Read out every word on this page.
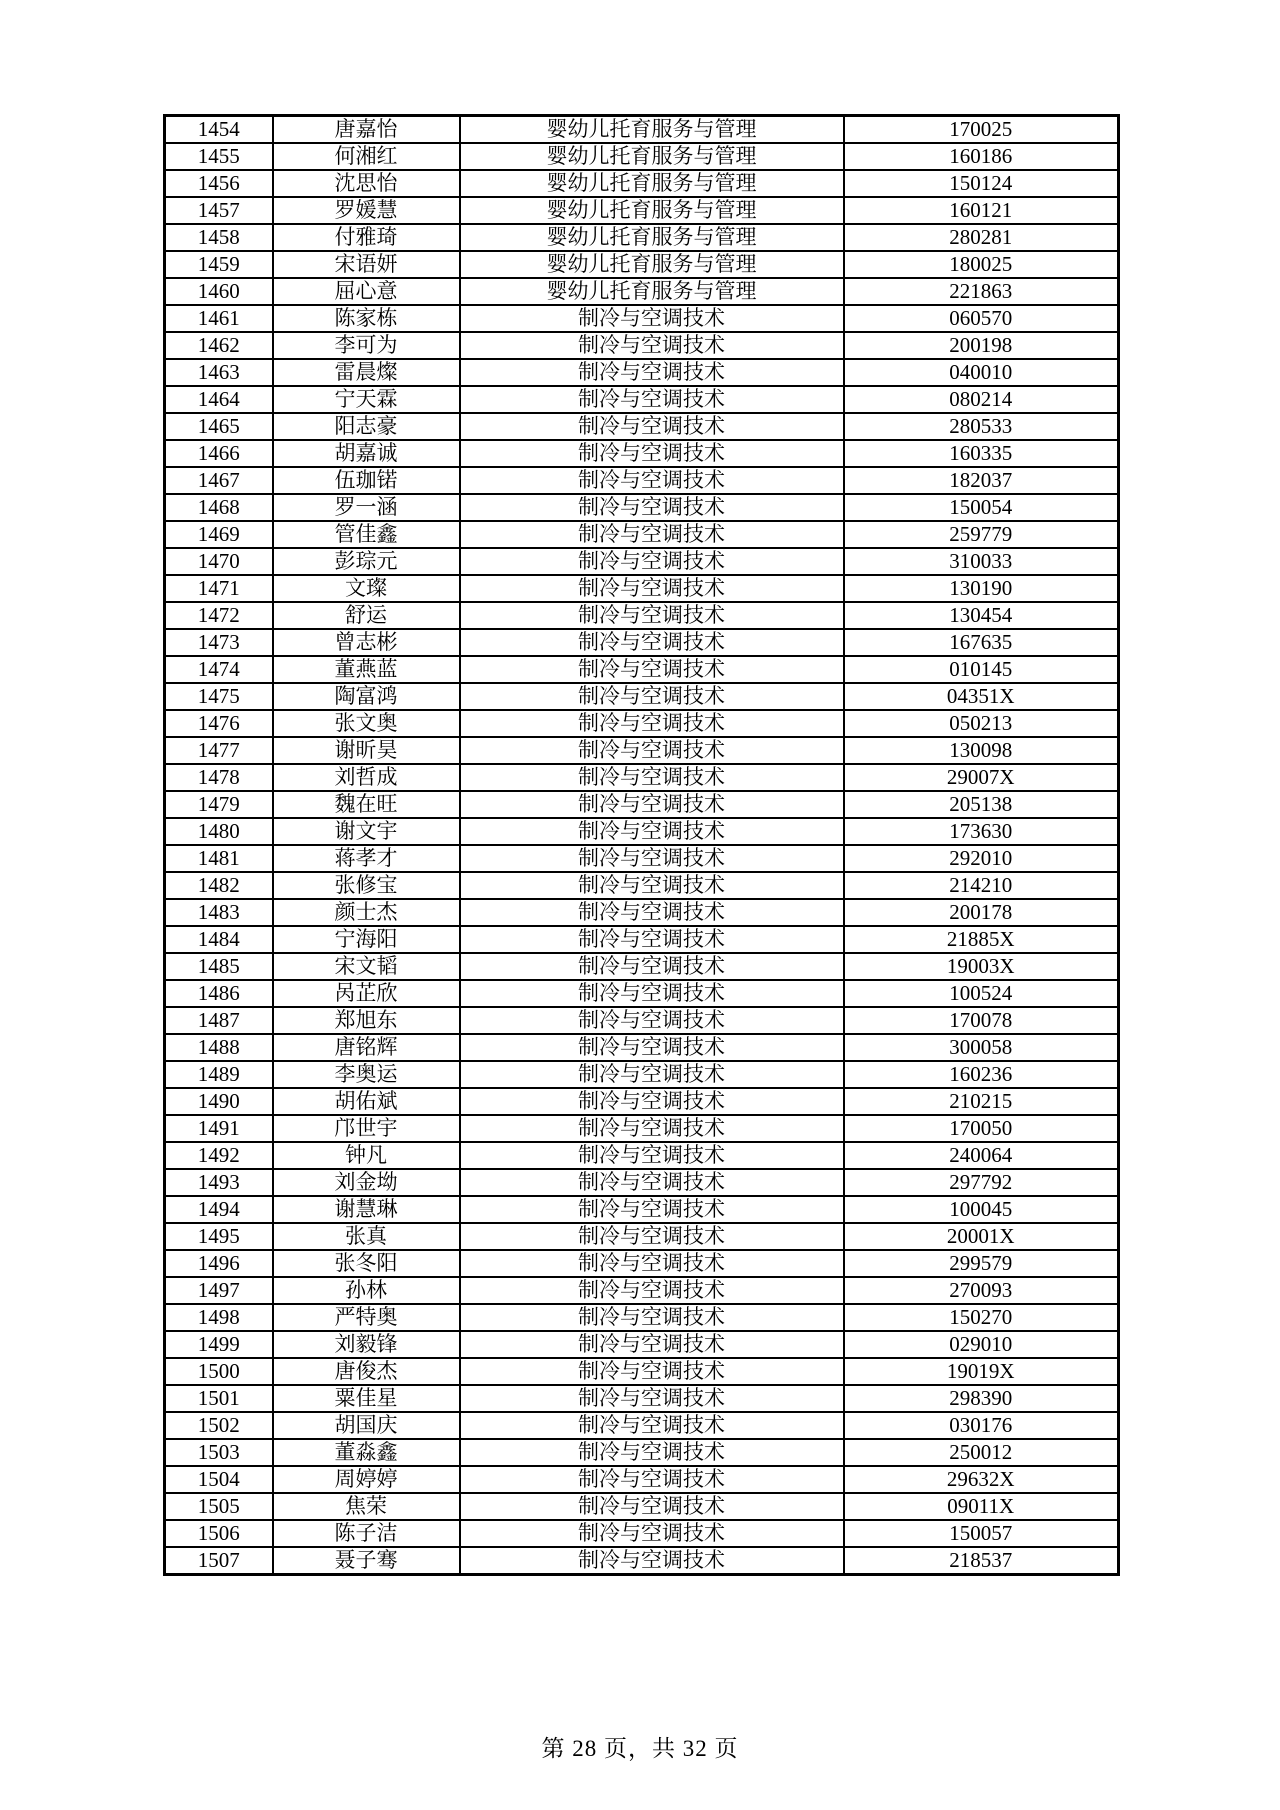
1454	唐嘉怡	婴幼儿托育服务与管理	170025
1455	何湘红	婴幼儿托育服务与管理	160186
1456	沈思怡	婴幼儿托育服务与管理	150124
1457	罗媛慧	婴幼儿托育服务与管理	160121
1458	付雅琦	婴幼儿托育服务与管理	280281
1459	宋语妍	婴幼儿托育服务与管理	180025
1460	屈心意	婴幼儿托育服务与管理	221863
1461	陈家栋	制冷与空调技术	060570
1462	李可为	制冷与空调技术	200198
1463	雷晨燦	制冷与空调技术	040010
1464	宁天霖	制冷与空调技术	080214
1465	阳志豪	制冷与空调技术	280533
1466	胡嘉诚	制冷与空调技术	160335
1467	伍珈锘	制冷与空调技术	182037
1468	罗一涵	制冷与空调技术	150054
1469	管佳鑫	制冷与空调技术	259779
1470	彭琮元	制冷与空调技术	310033
1471	文璨	制冷与空调技术	130190
1472	舒运	制冷与空调技术	130454
1473	曾志彬	制冷与空调技术	167635
1474	董燕蓝	制冷与空调技术	010145
1475	陶富鸿	制冷与空调技术	04351X
1476	张文奥	制冷与空调技术	050213
1477	谢昕昊	制冷与空调技术	130098
1478	刘哲成	制冷与空调技术	29007X
1479	魏在旺	制冷与空调技术	205138
1480	谢文宇	制冷与空调技术	173630
1481	蒋孝才	制冷与空调技术	292010
1482	张修宝	制冷与空调技术	214210
1483	颜士杰	制冷与空调技术	200178
1484	宁海阳	制冷与空调技术	21885X
1485	宋文韬	制冷与空调技术	19003X
1486	呙芷欣	制冷与空调技术	100524
1487	郑旭东	制冷与空调技术	170078
1488	唐铭辉	制冷与空调技术	300058
1489	李奥运	制冷与空调技术	160236
1490	胡佑斌	制冷与空调技术	210215
1491	邝世宇	制冷与空调技术	170050
1492	钟凡	制冷与空调技术	240064
1493	刘金坳	制冷与空调技术	297792
1494	谢慧琳	制冷与空调技术	100045
1495	张真	制冷与空调技术	20001X
1496	张冬阳	制冷与空调技术	299579
1497	孙林	制冷与空调技术	270093
1498	严特奥	制冷与空调技术	150270
1499	刘毅锋	制冷与空调技术	029010
1500	唐俊杰	制冷与空调技术	19019X
1501	粟佳星	制冷与空调技术	298390
1502	胡国庆	制冷与空调技术	030176
1503	董淼鑫	制冷与空调技术	250012
1504	周婷婷	制冷与空调技术	29632X
1505	焦荣	制冷与空调技术	09011X
1506	陈子洁	制冷与空调技术	150057
1507	聂子骞	制冷与空调技术	218537
第 28 页，共 32 页
